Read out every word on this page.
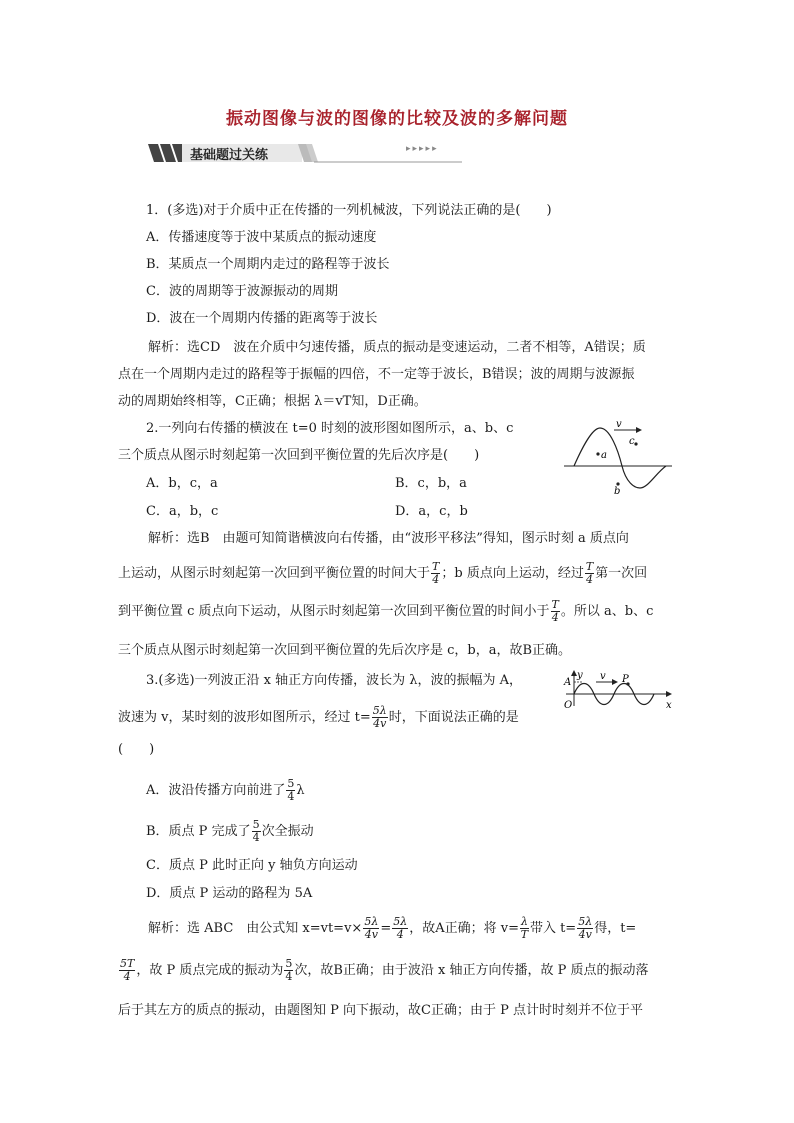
振动图像与波的图像的比较及波的多解问题
基础题过关练	▸▸▸▸▸
1．(多选)对于介质中正在传播的一列机械波，下列说法正确的是(　　)
A．传播速度等于波中某质点的振动速度
B．某质点一个周期内走过的路程等于波长
C．波的周期等于波源振动的周期
D．波在一个周期内传播的距离等于波长
解析：选CD　波在介质中匀速传播，质点的振动是变速运动，二者不相等，A错误；质
点在一个周期内走过的路程等于振幅的四倍，不一定等于波长，B错误；波的周期与波源振
动的周期始终相等，C正确；根据 λ＝vT知，D正确。
2.一列向右传播的横波在 t=0 时刻的波形图如图所示，a、b、c
三个质点从图示时刻起第一次回到平衡位置的先后次序是(　　)
A．b，c，a	B．c，b，a
C．a，b，c	D．a，c，b
v
a
b
c
解析：选B　由题可知简谐横波向右传播，由“波形平移法”得知，图示时刻 a 质点向
上运动，从图示时刻起第一次回到平衡位置的时间大于 $\frac{T}{4}$ ；b 质点向上运动，经过 $\frac{T}{4}$ 第一次回
到平衡位置 c 质点向下运动，从图示时刻起第一次回到平衡位置的时间小于 $\frac{T}{4}$ 。所以 a、b、c
三个质点从图示时刻起第一次回到平衡位置的先后次序是 c，b，a，故B正确。
3.(多选)一列波正沿 x 轴正方向传播，波长为 λ，波的振幅为 A，
波速为 v，某时刻的波形如图所示，经过 $t= \frac{5\lambda}{4v}$ 时，下面说法正确的是
(　　)
y
A
O	x
v P
A．波沿传播方向前进了 $\frac{5}{4}$ λ
B．质点 P 完成了 $\frac{5}{4}$ 次全振动
C．质点 P 此时正向 y 轴负方向运动
D．质点 P 运动的路程为 5A
解析：选 ABC　由公式知 $x=vt=v\times \frac{5\lambda}{4v} = \frac{5\lambda}{4}$ ，故A正确；将 $v= \frac{\lambda}{T}$ 带入 $t= \frac{5\lambda}{4v}$ 得，t=
$\frac{5T}{4}$ ，故 P 质点完成的振动为 $\frac{5}{4}$ 次，故B正确；由于波沿 x 轴正方向传播，故 P 质点的振动落
后于其左方的质点的振动，由题图知 P 向下振动，故C正确；由于 P 点计时时刻并不位于平
